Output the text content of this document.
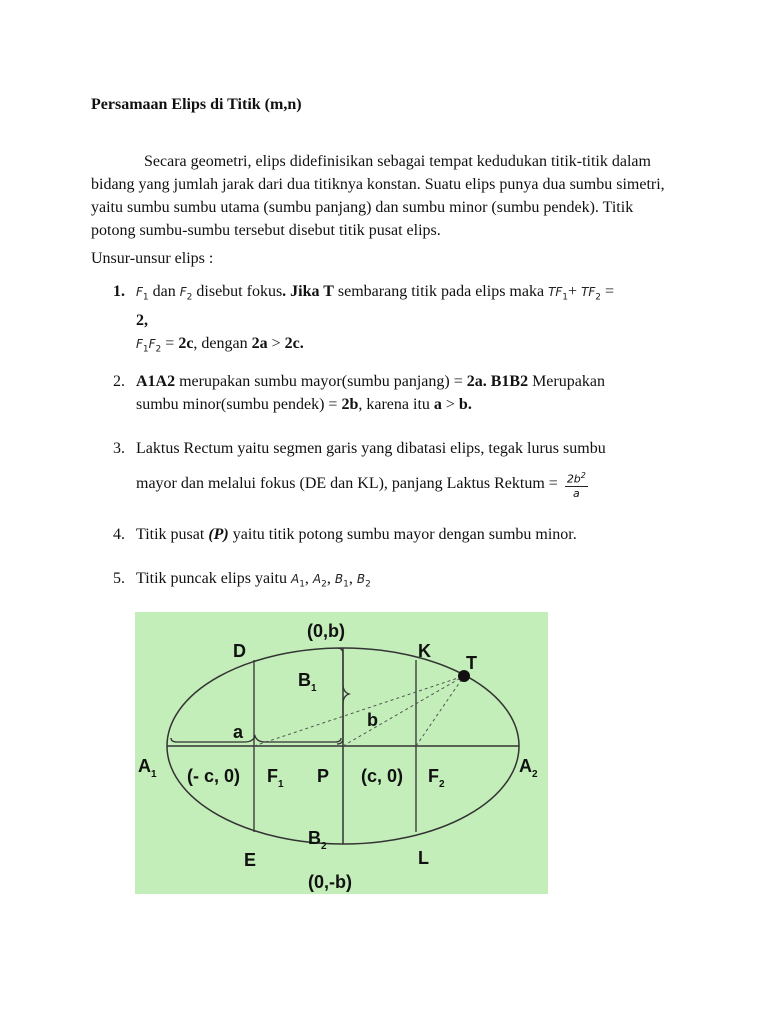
Persamaan Elips di Titik (m,n)
Secara geometri, elips didefinisikan sebagai tempat kedudukan titik-titik dalam bidang yang jumlah jarak dari dua titiknya konstan. Suatu elips punya dua sumbu simetri, yaitu sumbu sumbu utama (sumbu panjang) dan sumbu minor (sumbu pendek). Titik potong sumbu-sumbu tersebut disebut titik pusat elips.
Unsur-unsur elips :
1. $F_1$ dan $F_2$ disebut fokus. Jika T sembarang titik pada elips maka $TF_1+ TF_2$ =
2,
$F_1F_2 = 2c$, dengan 2a > 2c.
2. A1A2 merupakan sumbu mayor(sumbu panjang) = 2a. B1B2 Merupakan
sumbu minor(sumbu pendek) = 2b, karena itu a > b.
3. Laktus Rectum yaitu segmen garis yang dibatasi elips, tegak lurus sumbu
mayor dan melalui fokus (DE dan KL), panjang Laktus Rektum = $\frac{2b^2}{a}$
4. Titik pusat (P) yaitu titik potong sumbu mayor dengan sumbu minor.
5. Titik puncak elips yaitu $A_1$, $A_2$, $B_1$, $B_2$
(0,b)
D	K
T
$B_1$
b
a
$A_1$ (- c, 0) $F_1$ P (c, 0) $F_2$
$A_2$
$B_2$
E	L
(0,-b)
